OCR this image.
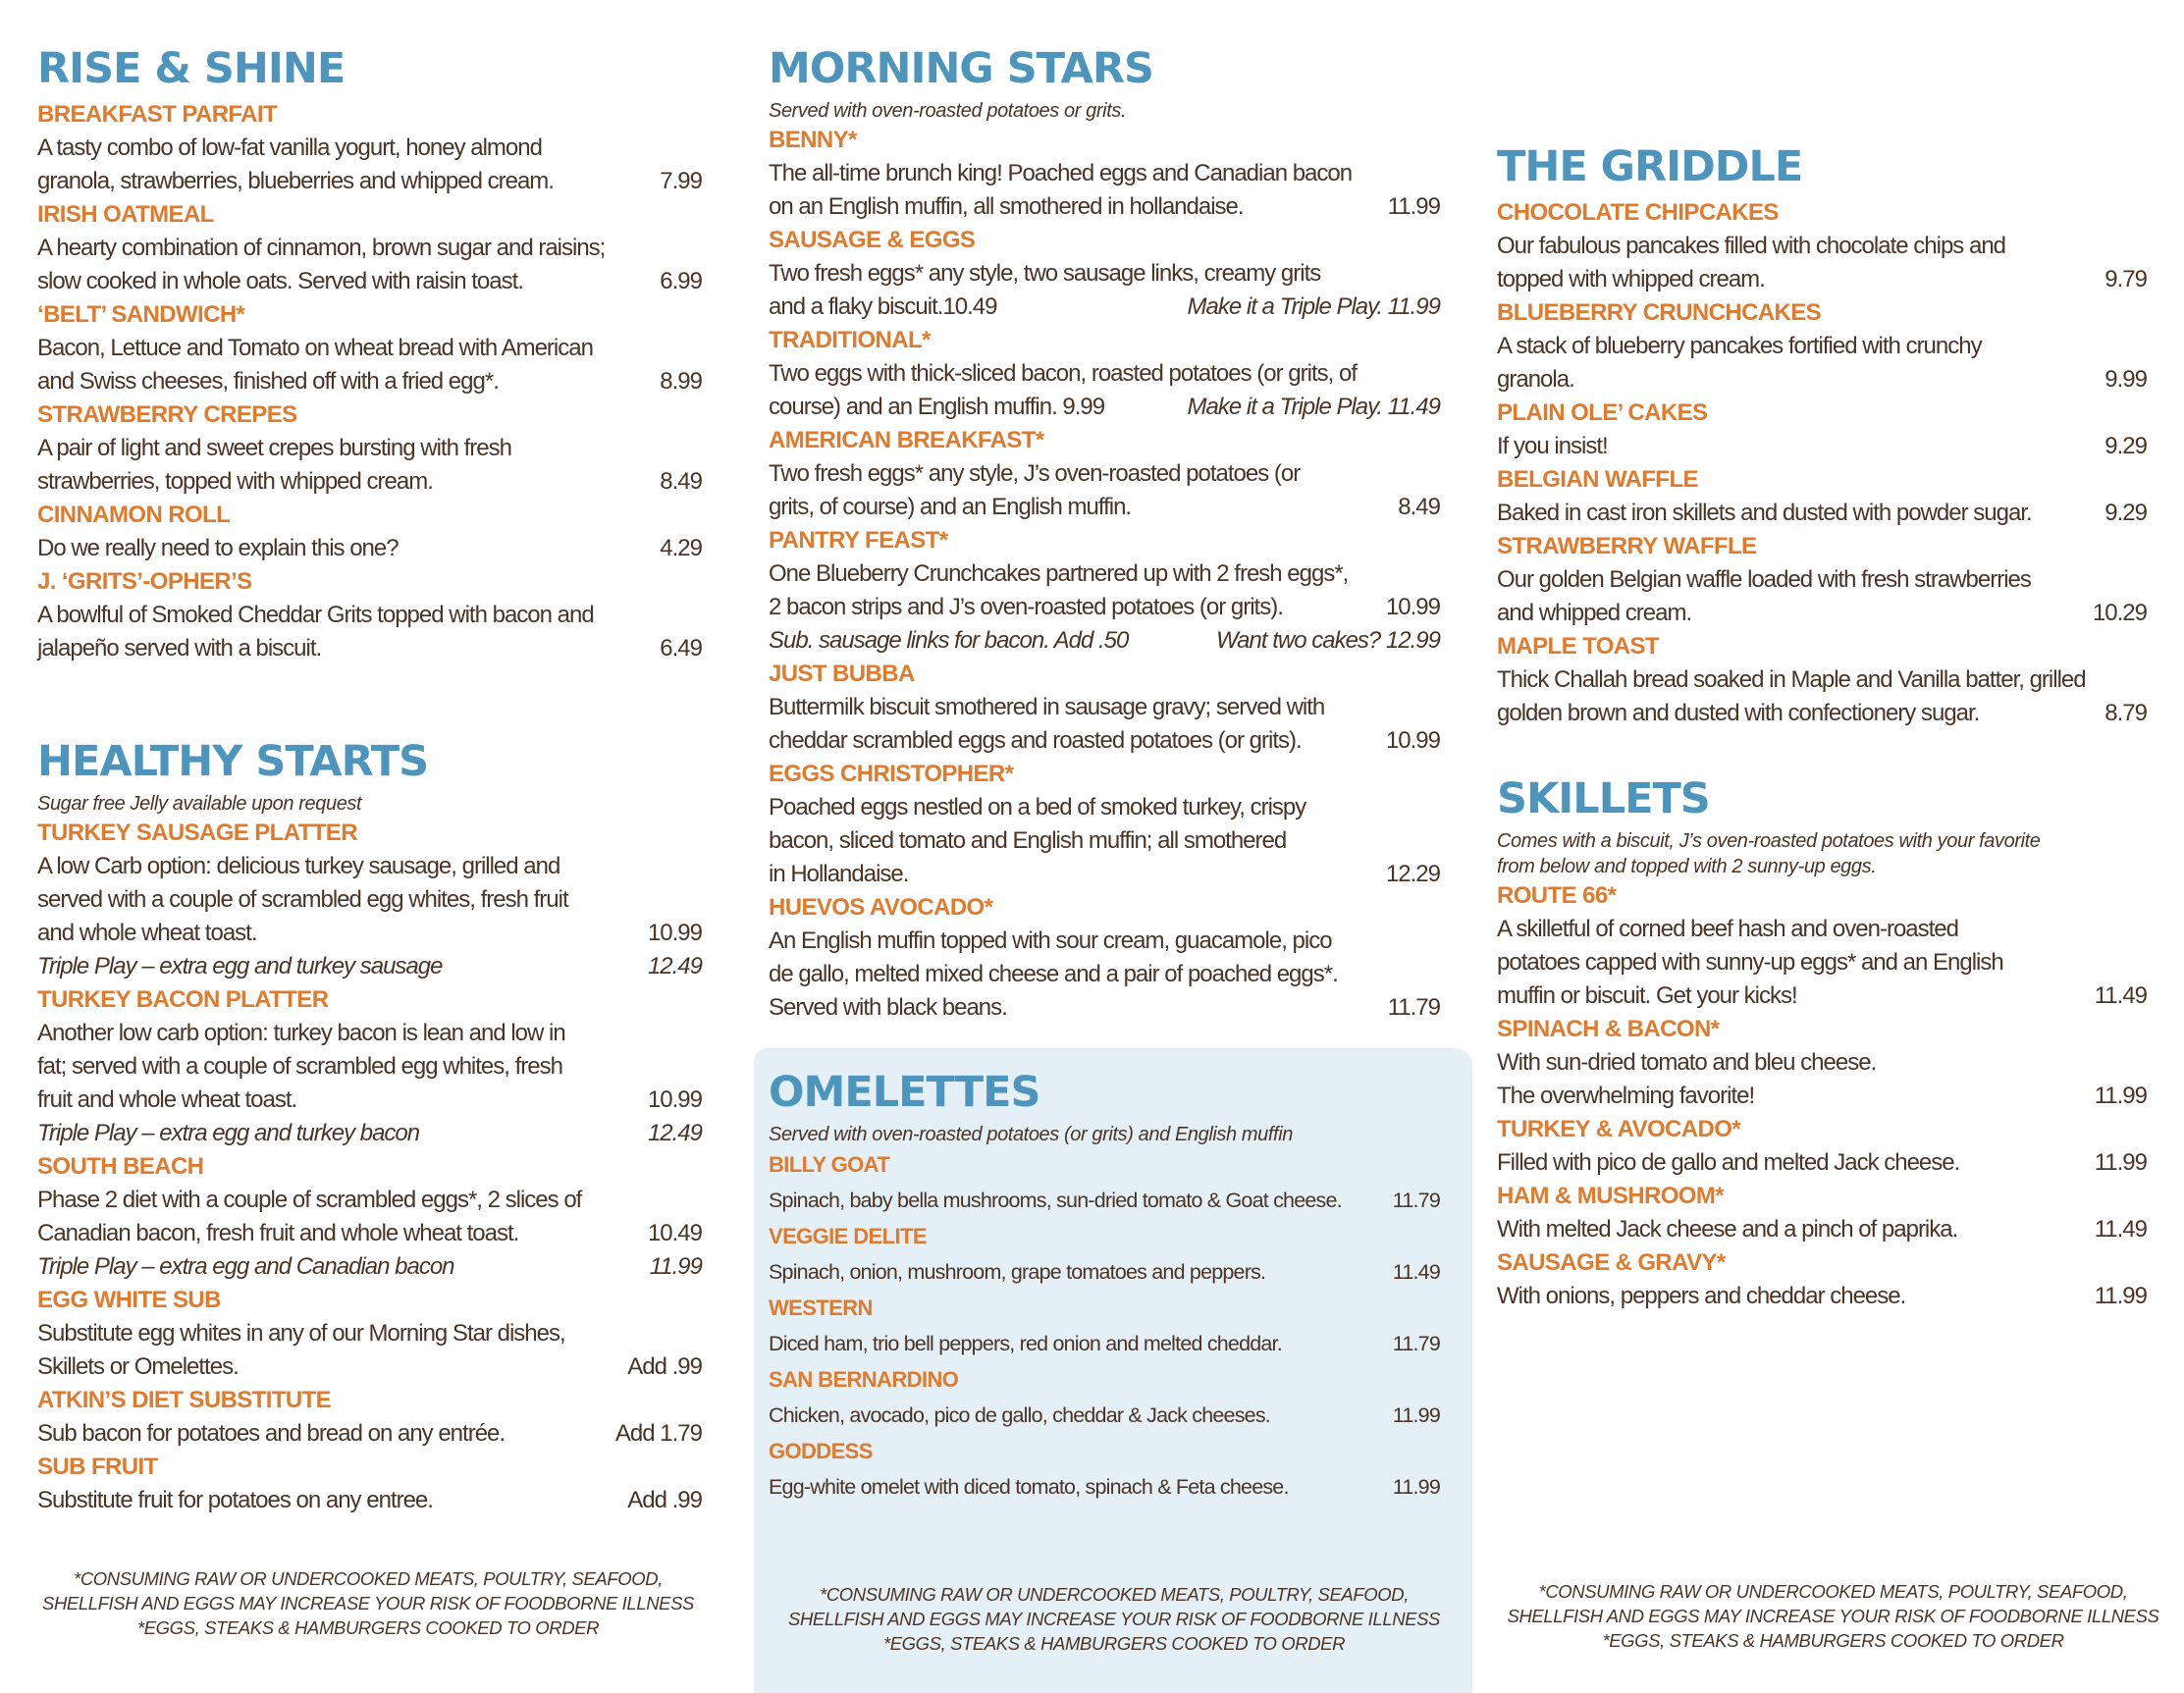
RISE & SHINE
BREAKFAST PARFAIT
A tasty combo of low-fat vanilla yogurt, honey almond
granola, strawberries, blueberries and whipped cream.	7.99
IRISH OATMEAL
A hearty combination of cinnamon, brown sugar and raisins;
slow cooked in whole oats. Served with raisin toast.	6.99
‘BELT’ SANDWICH*
Bacon, Lettuce and Tomato on wheat bread with American
and Swiss cheeses, finished off with a fried egg*.	8.99
STRAWBERRY CREPES
A pair of light and sweet crepes bursting with fresh
strawberries, topped with whipped cream.	8.49
CINNAMON ROLL
Do we really need to explain this one?	4.29
J. ‘GRITS’-OPHER’S
A bowlful of Smoked Cheddar Grits topped with bacon and
jalapeño served with a biscuit.	6.49
HEALTHY STARTS
Sugar free Jelly available upon request
TURKEY SAUSAGE PLATTER
A low Carb option: delicious turkey sausage, grilled and
served with a couple of scrambled egg whites, fresh fruit
and whole wheat toast.	10.99
Triple Play – extra egg and turkey sausage	12.49
TURKEY BACON PLATTER
Another low carb option: turkey bacon is lean and low in
fat; served with a couple of scrambled egg whites, fresh
fruit and whole wheat toast.	10.99
Triple Play – extra egg and turkey bacon	12.49
SOUTH BEACH
Phase 2 diet with a couple of scrambled eggs*, 2 slices of
Canadian bacon, fresh fruit and whole wheat toast.	10.49
Triple Play – extra egg and Canadian bacon	11.99
EGG WHITE SUB
Substitute egg whites in any of our Morning Star dishes,
Skillets or Omelettes.	Add .99
ATKIN’S DIET SUBSTITUTE
Sub bacon for potatoes and bread on any entrée.	Add 1.79
SUB FRUIT
Substitute fruit for potatoes on any entree.	Add .99
MORNING STARS
Served with oven-roasted potatoes or grits.
BENNY*
The all-time brunch king! Poached eggs and Canadian bacon
on an English muffin, all smothered in hollandaise.	11.99
SAUSAGE & EGGS
Two fresh eggs* any style, two sausage links, creamy grits
and a flaky biscuit.10.49	Make it a Triple Play. 11.99
TRADITIONAL*
Two eggs with thick-sliced bacon, roasted potatoes (or grits, of
course) and an English muffin. 9.99	Make it a Triple Play. 11.49
AMERICAN BREAKFAST*
Two fresh eggs* any style, J’s oven-roasted potatoes (or
grits, of course) and an English muffin.	8.49
PANTRY FEAST*
One Blueberry Crunchcakes partnered up with 2 fresh eggs*,
2 bacon strips and J’s oven-roasted potatoes (or grits).	10.99
Sub. sausage links for bacon. Add .50	Want two cakes? 12.99
JUST BUBBA
Buttermilk biscuit smothered in sausage gravy; served with
cheddar scrambled eggs and roasted potatoes (or grits).	10.99
EGGS CHRISTOPHER*
Poached eggs nestled on a bed of smoked turkey, crispy
bacon, sliced tomato and English muffin; all smothered
in Hollandaise.	12.29
HUEVOS AVOCADO*
An English muffin topped with sour cream, guacamole, pico
de gallo, melted mixed cheese and a pair of poached eggs*.
Served with black beans.	11.79
OMELETTES
Served with oven-roasted potatoes (or grits) and English muffin
BILLY GOAT
Spinach, baby bella mushrooms, sun-dried tomato & Goat cheese.	11.79
VEGGIE DELITE
Spinach, onion, mushroom, grape tomatoes and peppers.	11.49
WESTERN
Diced ham, trio bell peppers, red onion and melted cheddar.	11.79
SAN BERNARDINO
Chicken, avocado, pico de gallo, cheddar & Jack cheeses.	11.99
GODDESS
Egg-white omelet with diced tomato, spinach & Feta cheese.	11.99
THE GRIDDLE
CHOCOLATE CHIPCAKES
Our fabulous pancakes filled with chocolate chips and
topped with whipped cream.	9.79
BLUEBERRY CRUNCHCAKES
A stack of blueberry pancakes fortified with crunchy
granola.	9.99
PLAIN OLE’ CAKES
If you insist!	9.29
BELGIAN WAFFLE
Baked in cast iron skillets and dusted with powder sugar.	9.29
STRAWBERRY WAFFLE
Our golden Belgian waffle loaded with fresh strawberries
and whipped cream.	10.29
MAPLE TOAST
Thick Challah bread soaked in Maple and Vanilla batter, grilled
golden brown and dusted with confectionery sugar.	8.79
SKILLETS
Comes with a biscuit, J’s oven-roasted potatoes with your favorite
from below and topped with 2 sunny-up eggs.
ROUTE 66*
A skilletful of corned beef hash and oven-roasted
potatoes capped with sunny-up eggs* and an English
muffin or biscuit. Get your kicks!	11.49
SPINACH & BACON*
With sun-dried tomato and bleu cheese.
The overwhelming favorite!	11.99
TURKEY & AVOCADO*
Filled with pico de gallo and melted Jack cheese.	11.99
HAM & MUSHROOM*
With melted Jack cheese and a pinch of paprika.	11.49
SAUSAGE & GRAVY*
With onions, peppers and cheddar cheese.	11.99
*CONSUMING RAW OR UNDERCOOKED MEATS, POULTRY, SEAFOOD,
SHELLFISH AND EGGS MAY INCREASE YOUR RISK OF FOODBORNE ILLNESS
*EGGS, STEAKS & HAMBURGERS COOKED TO ORDER
*CONSUMING RAW OR UNDERCOOKED MEATS, POULTRY, SEAFOOD,
SHELLFISH AND EGGS MAY INCREASE YOUR RISK OF FOODBORNE ILLNESS
*EGGS, STEAKS & HAMBURGERS COOKED TO ORDER
*CONSUMING RAW OR UNDERCOOKED MEATS, POULTRY, SEAFOOD,
SHELLFISH AND EGGS MAY INCREASE YOUR RISK OF FOODBORNE ILLNESS
*EGGS, STEAKS & HAMBURGERS COOKED TO ORDER
